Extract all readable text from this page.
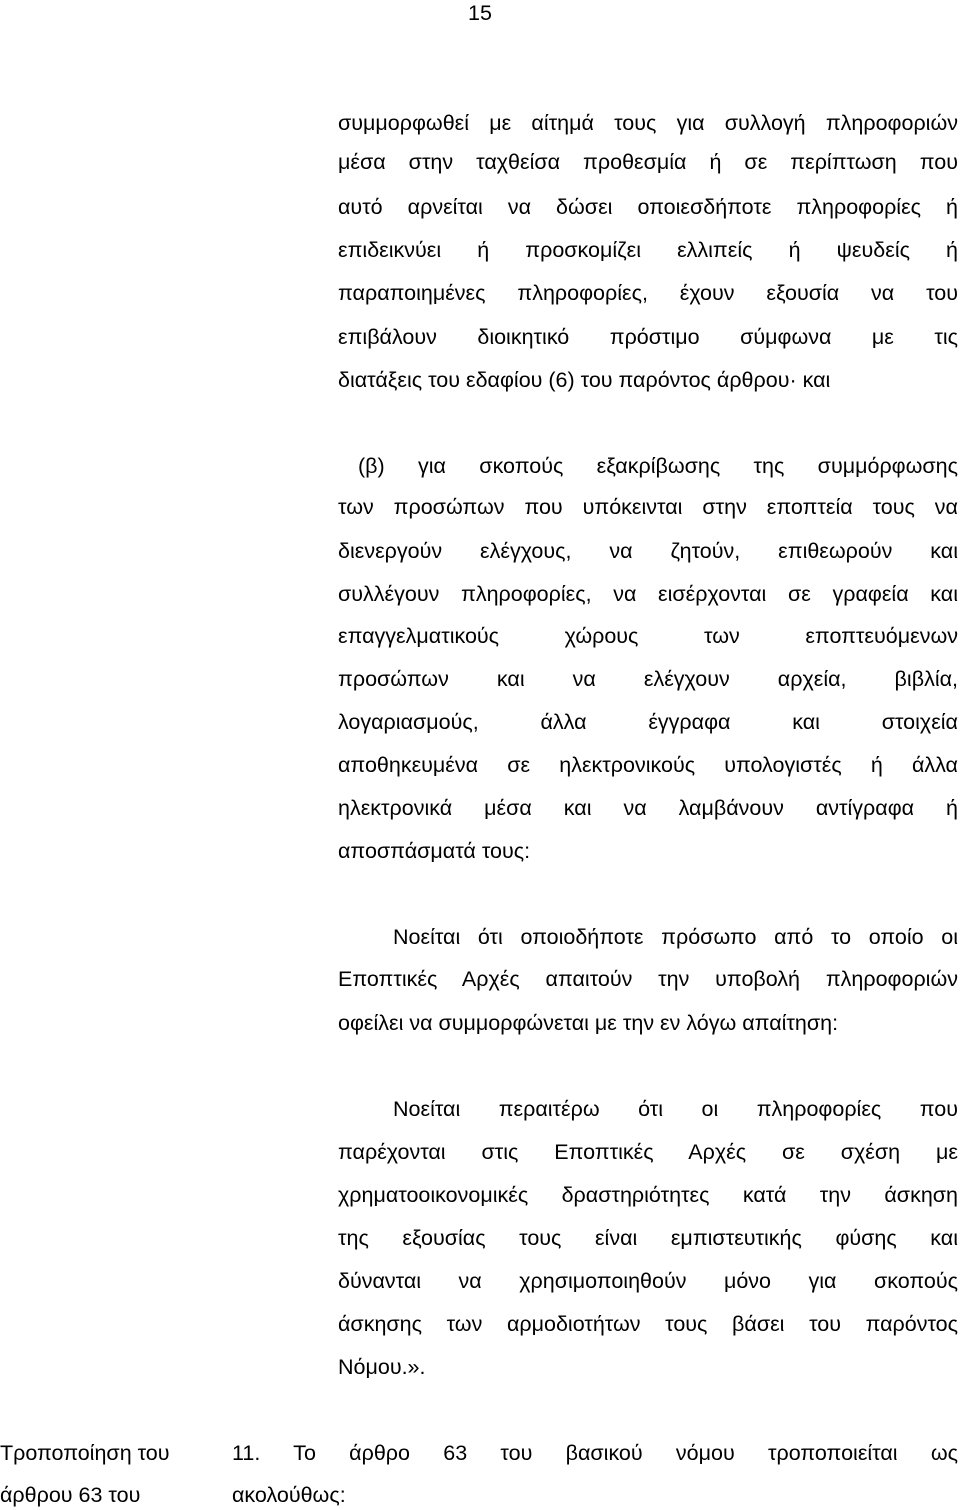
15
συμμορφωθεί με αίτημά τους για συλλογή πληροφοριών
μέσα στην ταχθείσα προθεσμία ή σε περίπτωση που
αυτό αρνείται να δώσει οποιεσδήποτε πληροφορίες ή
επιδεικνύει ή προσκομίζει ελλιπείς ή ψευδείς ή
παραποιημένες πληροφορίες, έχουν εξουσία να του
επιβάλουν διοικητικό πρόστιμο σύμφωνα με τις
διατάξεις του εδαφίου (6) του παρόντος άρθρου· και
(β) για σκοπούς εξακρίβωσης της συμμόρφωσης
των προσώπων που υπόκεινται στην εποπτεία τους να
διενεργούν ελέγχους, να ζητούν, επιθεωρούν και
συλλέγουν πληροφορίες, να εισέρχονται σε γραφεία και
επαγγελματικούς χώρους των εποπτευόμενων
προσώπων και να ελέγχουν αρχεία, βιβλία,
λογαριασμούς, άλλα έγγραφα και στοιχεία
αποθηκευμένα σε ηλεκτρονικούς υπολογιστές ή άλλα
ηλεκτρονικά μέσα και να λαμβάνουν αντίγραφα ή
αποσπάσματά τους:
Νοείται ότι οποιοδήποτε πρόσωπο από το οποίο οι
Εποπτικές Αρχές απαιτούν την υποβολή πληροφοριών
οφείλει να συμμορφώνεται με την εν λόγω απαίτηση:
Νοείται περαιτέρω ότι οι πληροφορίες που
παρέχονται στις Εποπτικές Αρχές σε σχέση με
χρηματοοικονομικές δραστηριότητες κατά την άσκηση
της εξουσίας τους είναι εμπιστευτικής φύσης και
δύνανται να χρησιμοποιηθούν μόνο για σκοπούς
άσκησης των αρμοδιοτήτων τους βάσει του παρόντος
Νόμου.».
Τροποποίηση του
άρθρου 63 του
11. Το άρθρο 63 του βασικού νόμου τροποποιείται ως
ακολούθως:
